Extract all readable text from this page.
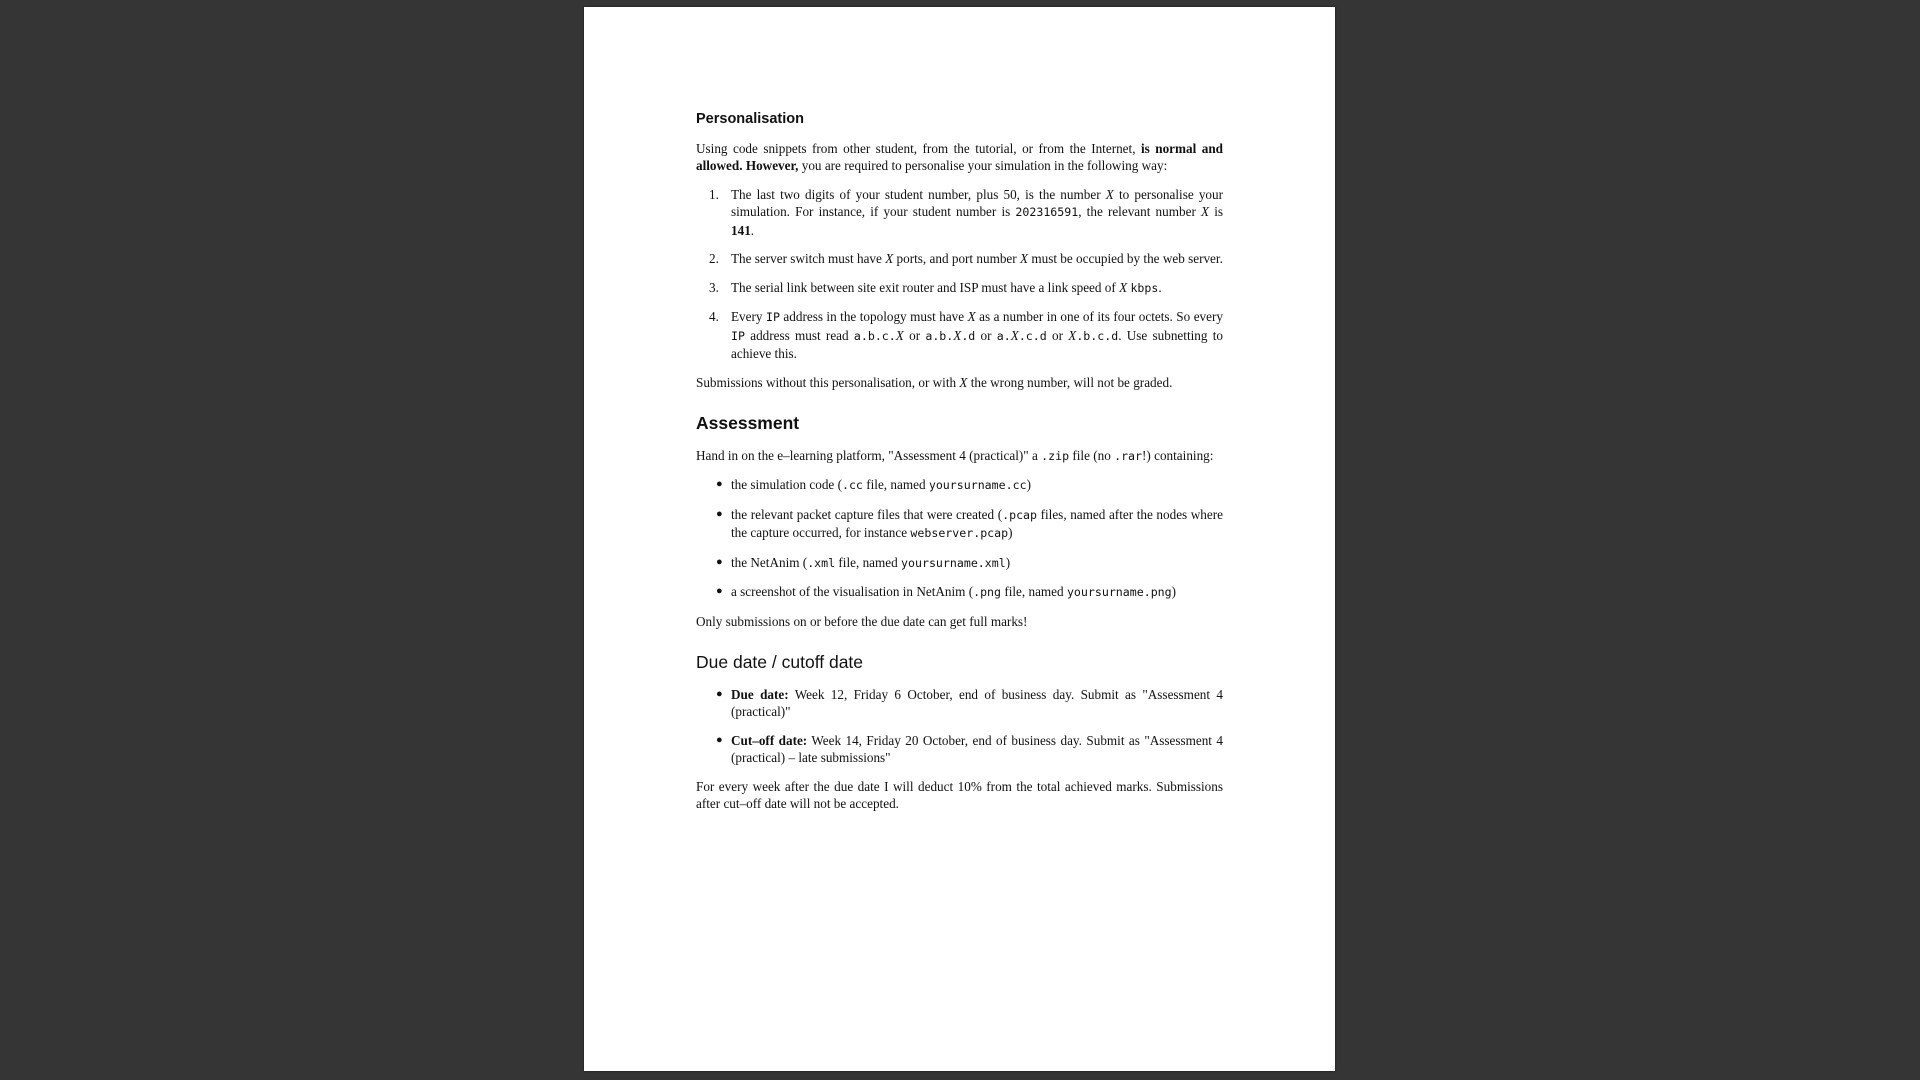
Personalisation

Using code snippets from other student, from the tutorial, or from the Internet, is normal and allowed. However, you are required to personalise your simulation in the following way:

1. The last two digits of your student number, plus 50, is the number X to personalise your simulation. For instance, if your student number is 202316591, the relevant number X is 141.
2. The server switch must have X ports, and port number X must be occupied by the web server.
3. The serial link between site exit router and ISP must have a link speed of X kbps.
4. Every IP address in the topology must have X as a number in one of its four octets. So every IP address must read a.b.c.X or a.b.X.d or a.X.c.d or X.b.c.d. Use subnetting to achieve this.

Submissions without this personalisation, or with X the wrong number, will not be graded.

Assessment

Hand in on the e–learning platform, "Assessment 4 (practical)" a .zip file (no .rar!) containing:

● the simulation code (.cc file, named yoursurname.cc)
● the relevant packet capture files that were created (.pcap files, named after the nodes where the capture occurred, for instance webserver.pcap)
● the NetAnim (.xml file, named yoursurname.xml)
● a screenshot of the visualisation in NetAnim (.png file, named yoursurname.png)

Only submissions on or before the due date can get full marks!

Due date / cutoff date
● Due date: Week 12, Friday 6 October, end of business day. Submit as "Assessment 4 (practical)"
● Cut–off date: Week 14, Friday 20 October, end of business day. Submit as "Assessment 4 (practical) – late submissions"

For every week after the due date I will deduct 10% from the total achieved marks. Submissions after cut–off date will not be accepted.
